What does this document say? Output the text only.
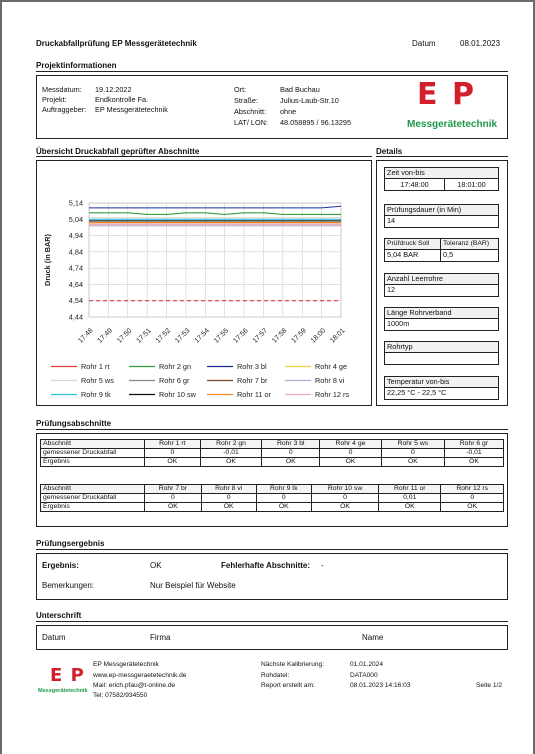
Druckabfallprüfung EP Messgerätetechnik	Datum	08.01.2023
Projektinformationen
Messdatum: 19.12.2022
Projekt:	Endkontrolle Fa.
Auftraggeber: EP Messgerätetechnik
Ort:	Bad Buchau
Straße:	Julius-Laub-Str.10
Abschnitt: ohne
LAT/ LON: 48.058895 / 96.13295
E P
Messgerätetechnik
Übersicht Druckabfall geprüfter Abschnitte
5,14
5,04
4,94
4,84
4,74
4,64
4,54
4,44
17:48 17:49 17:50 17:51 17:52 17:53 17:54 17:55 17:56 17:57 17:58 17:59 18:00 18:01
Druck (in BAR)
Rohr 1 rt	Rohr 2 gn	Rohr 3 bl	Rohr 4 ge
Rohr 5 ws	Rohr 6 gr	Rohr 7 br	Rohr 8 vi
Rohr 9 tk	Rohr 10 sw	Rohr 11 or	Rohr 12 rs
Details
Zeit von-bis
17:48:00	18:01:00
Prüfungsdauer (in Min)
14
Prüfdruck Soll
5,04 BAR
Toleranz (BAR)
0,5
Anzahl Leerrohre
12
Länge Rohrverband
1000m
Rohrtyp
Temperatur von-bis
22,25 °C - 22,5 °C
Prüfungsabschnitte
Abschnitt	Rohr 1 rt	Rohr 2 gn	Rohr 3 bl	Rohr 4 ge	Rohr 5 ws	Rohr 6 gr
gemessener Druckabfall	0	-0,01	0	0	0	-0,01
Ergebnis	OK	OK	OK	OK	OK	OK
Abschnitt	Rohr 7 br	Rohr 8 vi	Rohr 9 tk	Rohr 10 sw	Rohr 11 or	Rohr 12 rs
gemessener Druckabfall	0	0	0	0	0,01	0
Ergebnis	OK	OK	OK	OK	OK	OK
Prüfungsergebnis
Ergebnis:	OK	Fehlerhafte Abschnitte: -
Bemerkungen:	Nur Beispiel für Website
Unterschrift
Datum	Firma	Name
E P
Messgerätetechnik
EP Messgerätetechnik
www.ep-messgeraetetechnik.de
Mail: erich.pfau@t-online.de
Tel: 07582/934550
Nächste Kalibrierung:	01.01.2024
Rohdatei:	DATA000
Report erstellt am:	08.01.2023 14:16:03	Seite 1/2
